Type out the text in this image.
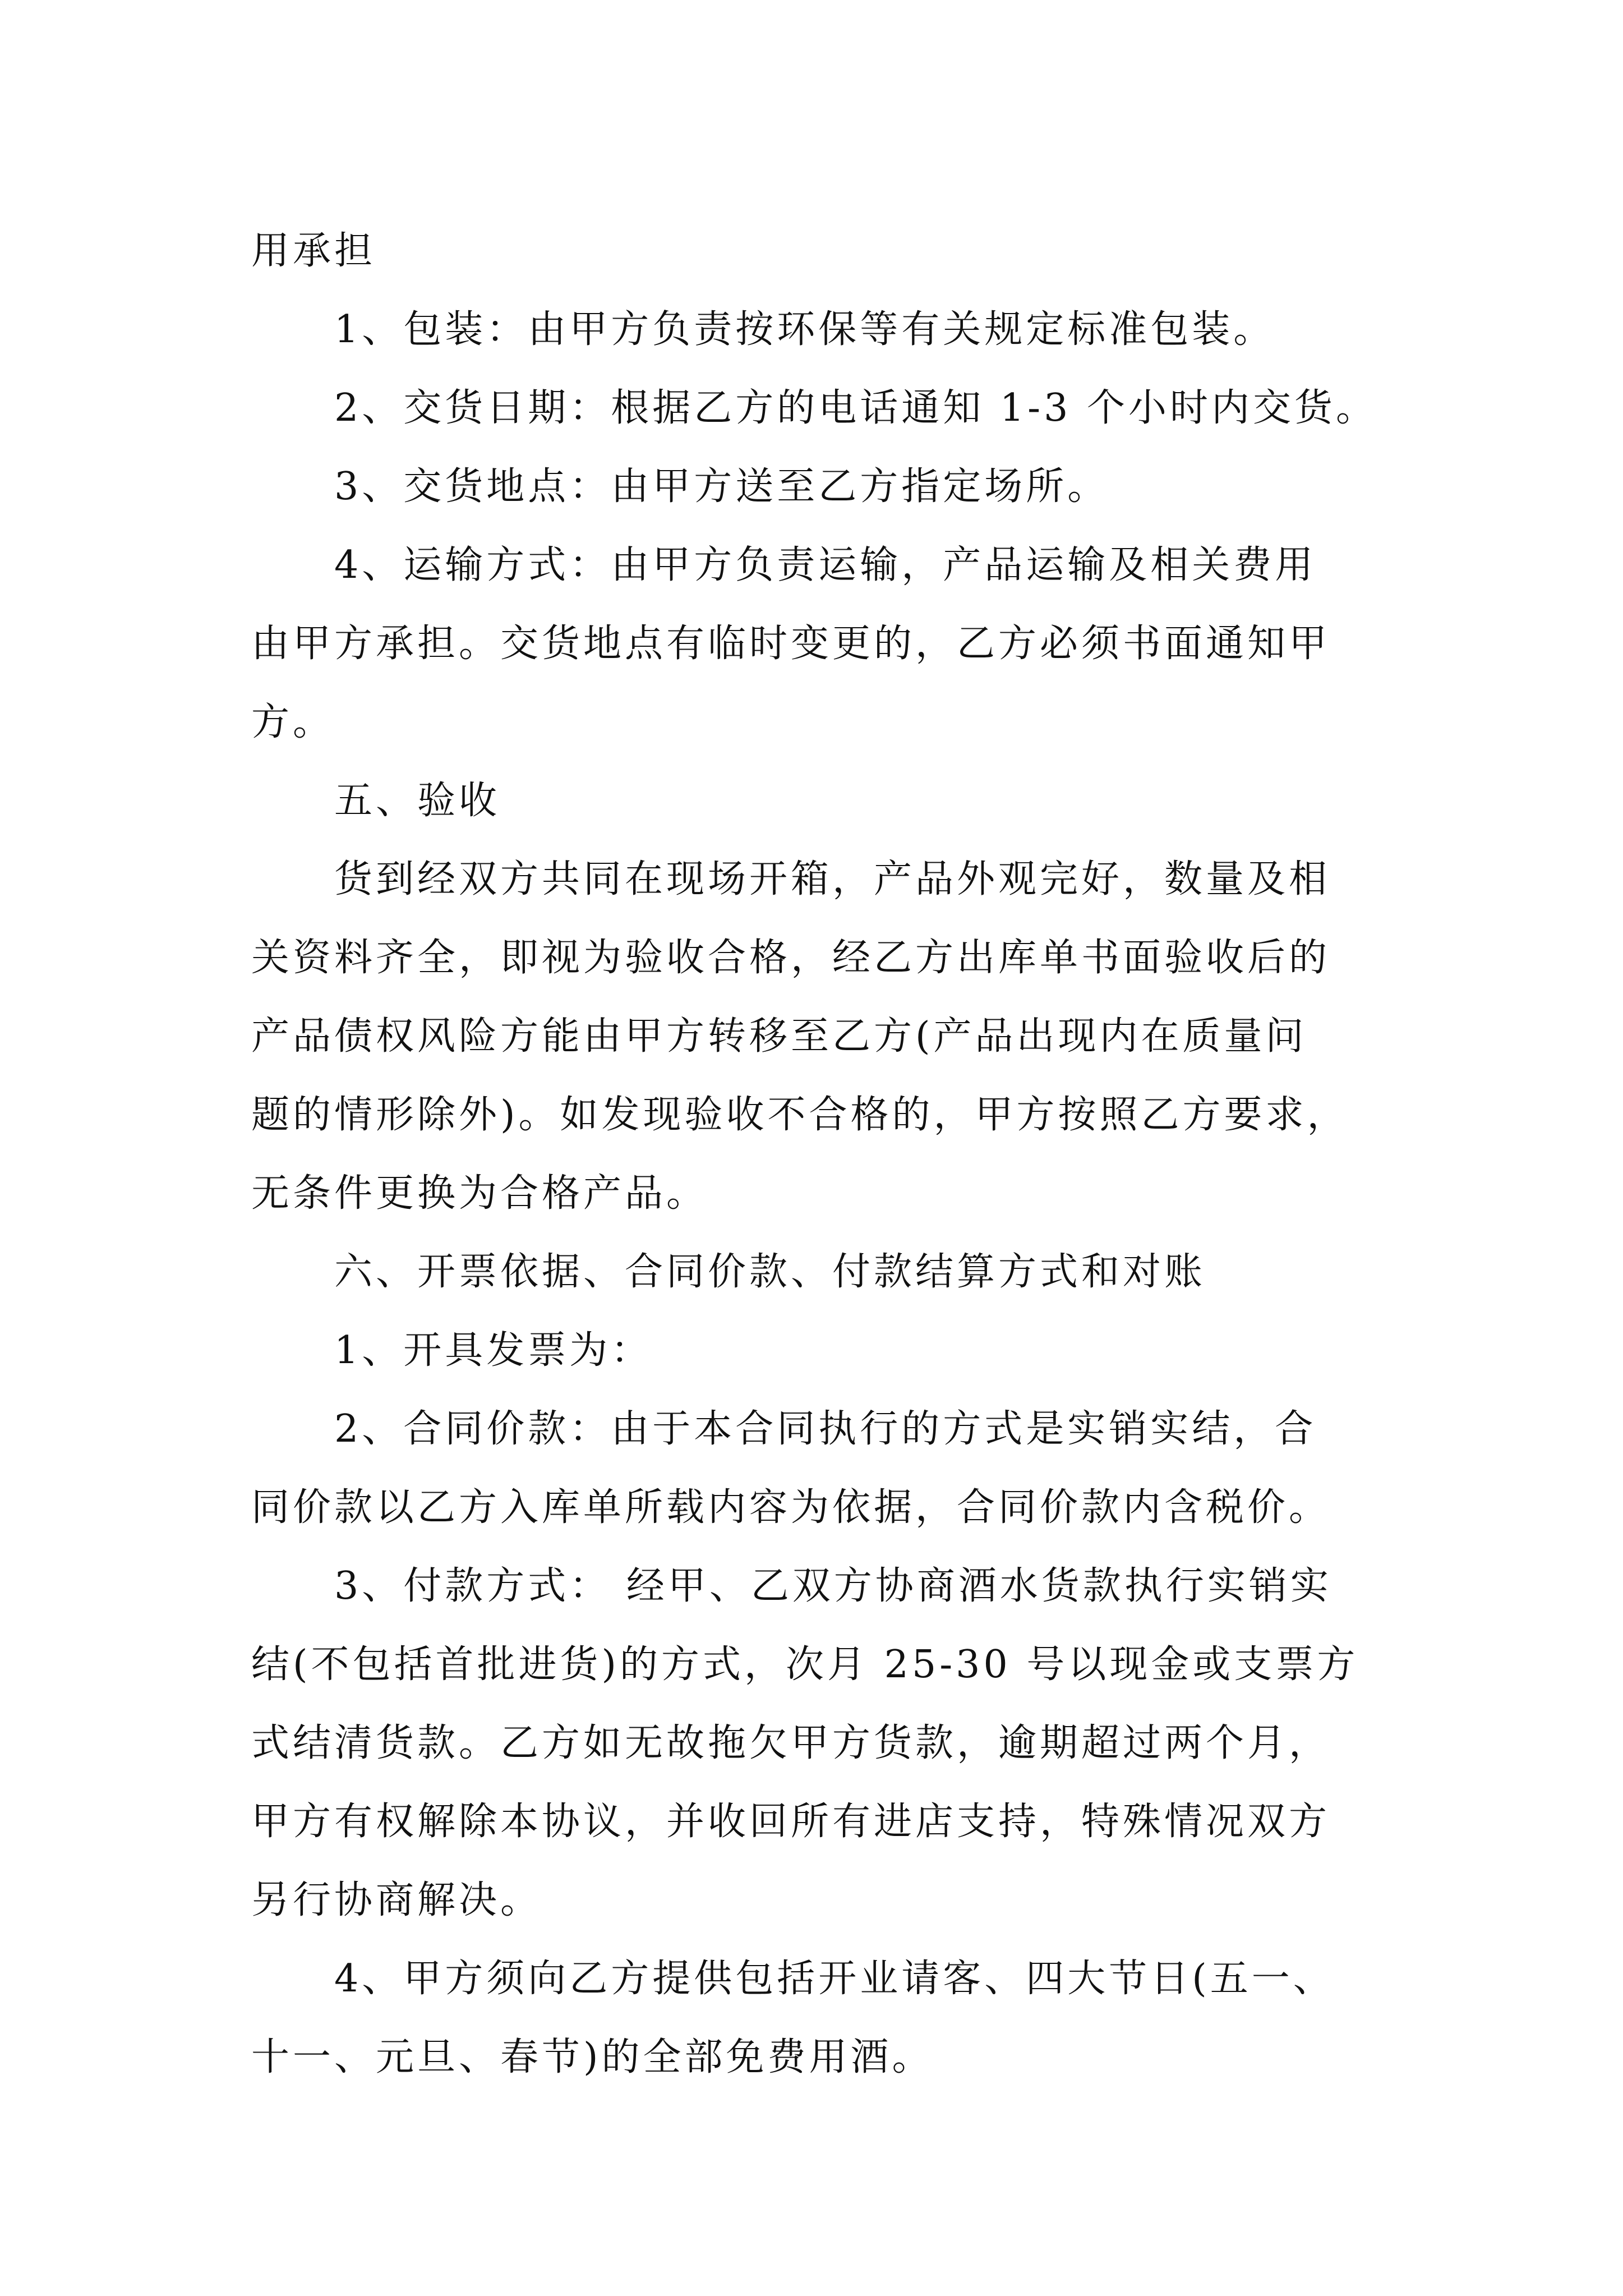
用承担
1、包装：由甲方负责按环保等有关规定标准包装。
2、交货日期：根据乙方的电话通知 1-3 个小时内交货。
3、交货地点：由甲方送至乙方指定场所。
4、运输方式：由甲方负责运输，产品运输及相关费用
由甲方承担。交货地点有临时变更的，乙方必须书面通知甲
方。
五、验收
货到经双方共同在现场开箱，产品外观完好，数量及相
关资料齐全，即视为验收合格，经乙方出库单书面验收后的
产品债权风险方能由甲方转移至乙方(产品出现内在质量问
题的情形除外)。如发现验收不合格的，甲方按照乙方要求，
无条件更换为合格产品。
六、开票依据、合同价款、付款结算方式和对账
1、开具发票为：
2、合同价款：由于本合同执行的方式是实销实结，合
同价款以乙方入库单所载内容为依据，合同价款内含税价。
3、付款方式： 经甲、乙双方协商酒水货款执行实销实
结(不包括首批进货)的方式，次月 25-30 号以现金或支票方
式结清货款。乙方如无故拖欠甲方货款，逾期超过两个月，
甲方有权解除本协议，并收回所有进店支持，特殊情况双方
另行协商解决。
4、甲方须向乙方提供包括开业请客、四大节日(五一、
十一、元旦、春节)的全部免费用酒。
